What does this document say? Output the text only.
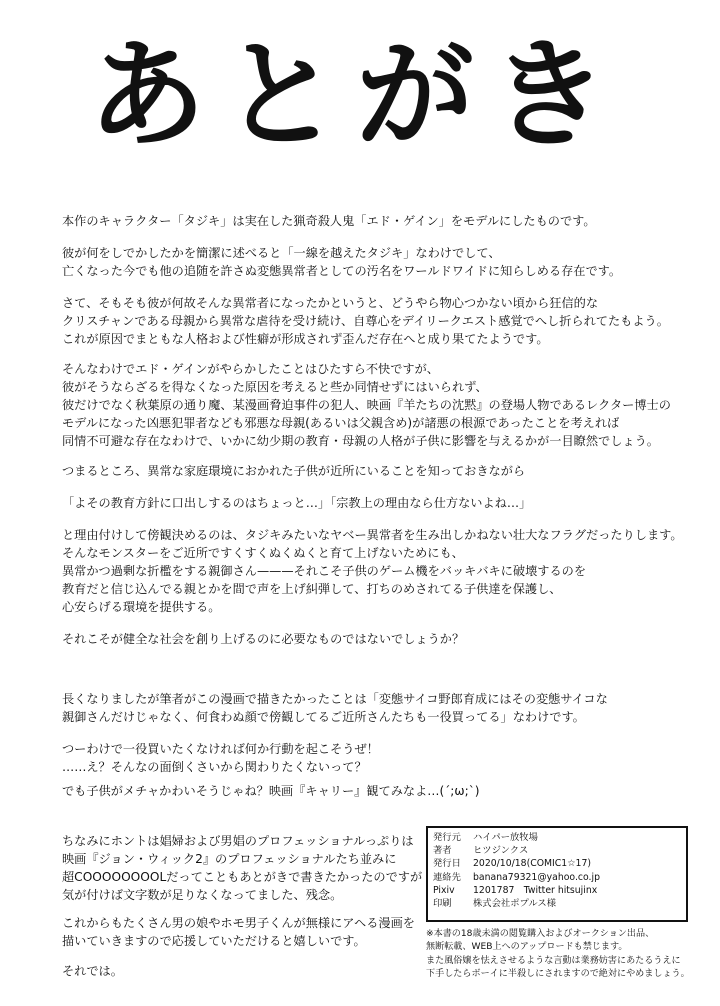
あとがき
本作のキャラクター「タジキ」は実在した猟奇殺人鬼「エド・ゲイン」をモデルにしたものです。
彼が何をしでかしたかを簡潔に述べると「一線を越えたタジキ」なわけでして、
亡くなった今でも他の追随を許さぬ変態異常者としての汚名をワールドワイドに知らしめる存在です。
さて、そもそも彼が何故そんな異常者になったかというと、どうやら物心つかない頃から狂信的な
クリスチャンである母親から異常な虐待を受け続け、自尊心をデイリークエスト感覚でへし折られてたもよう。
これが原因でまともな人格および性癖が形成されず歪んだ存在へと成り果てたようです。
そんなわけでエド・ゲインがやらかしたことはひたすら不快ですが、
彼がそうならざるを得なくなった原因を考えると些か同情せずにはいられず、
彼だけでなく秋葉原の通り魔、某漫画脅迫事件の犯人、映画『羊たちの沈黙』の登場人物であるレクター博士の
モデルになった凶悪犯罪者なども邪悪な母親(あるいは父親含め)が諸悪の根源であったことを考えれば
同情不可避な存在なわけで、いかに幼少期の教育・母親の人格が子供に影響を与えるかが一目瞭然でしょう。
つまるところ、異常な家庭環境におかれた子供が近所にいることを知っておきながら
「よその教育方針に口出しするのはちょっと…」「宗教上の理由なら仕方ないよね…」
と理由付けして傍観決めるのは、タジキみたいなヤベー異常者を生み出しかねない壮大なフラグだったりします。
そんなモンスターをご近所ですくすくぬくぬくと育て上げないためにも、
異常かつ過剰な折檻をする親御さん———それこそ子供のゲーム機をバッキバキに破壊するのを
教育だと信じ込んでる親とかを間で声を上げ糾弾して、打ちのめされてる子供達を保護し、
心安らげる環境を提供する。
それこそが健全な社会を創り上げるのに必要なものではないでしょうか？
長くなりましたが筆者がこの漫画で描きたかったことは「変態サイコ野郎育成にはその変態サイコな
親御さんだけじゃなく、何食わぬ顔で傍観してるご近所さんたちも一役買ってる」なわけです。
つーわけで一役買いたくなければ何か行動を起こそうぜ！
……え？そんなの面倒くさいから関わりたくないって？
でも子供がメチャかわいそうじゃね？映画『キャリー』観てみなよ…(´;ω;`)
ちなみにホントは娼婦および男娼のプロフェッショナルっぷりは
映画『ジョン・ウィック2』のプロフェッショナルたち並みに
超COOOOOOOOLだってこともあとがきで書きたかったのですが
気が付けば文字数が足りなくなってました、残念。
これからもたくさん男の娘やホモ男子くんが無様にアヘる漫画を
描いていきますので応援していただけると嬉しいです。
それでは。
発行元	ハイパー放牧場
著者	ヒツジンクス
発行日	2020/10/18(COMIC1☆17)
連絡先	banana79321@yahoo.co.jp
Pixiv	1201787　Twitter hitsujinx
印刷	株式会社ポプルス様
※本書の18歳未満の閲覧購入およびオークション出品、
無断転載、WEB上へのアップロードも禁じます。
また風俗嬢を怯えさせるような言動は業務妨害にあたるうえに
下手したらボーイに半殺しにされますので絶対にやめましょう。
